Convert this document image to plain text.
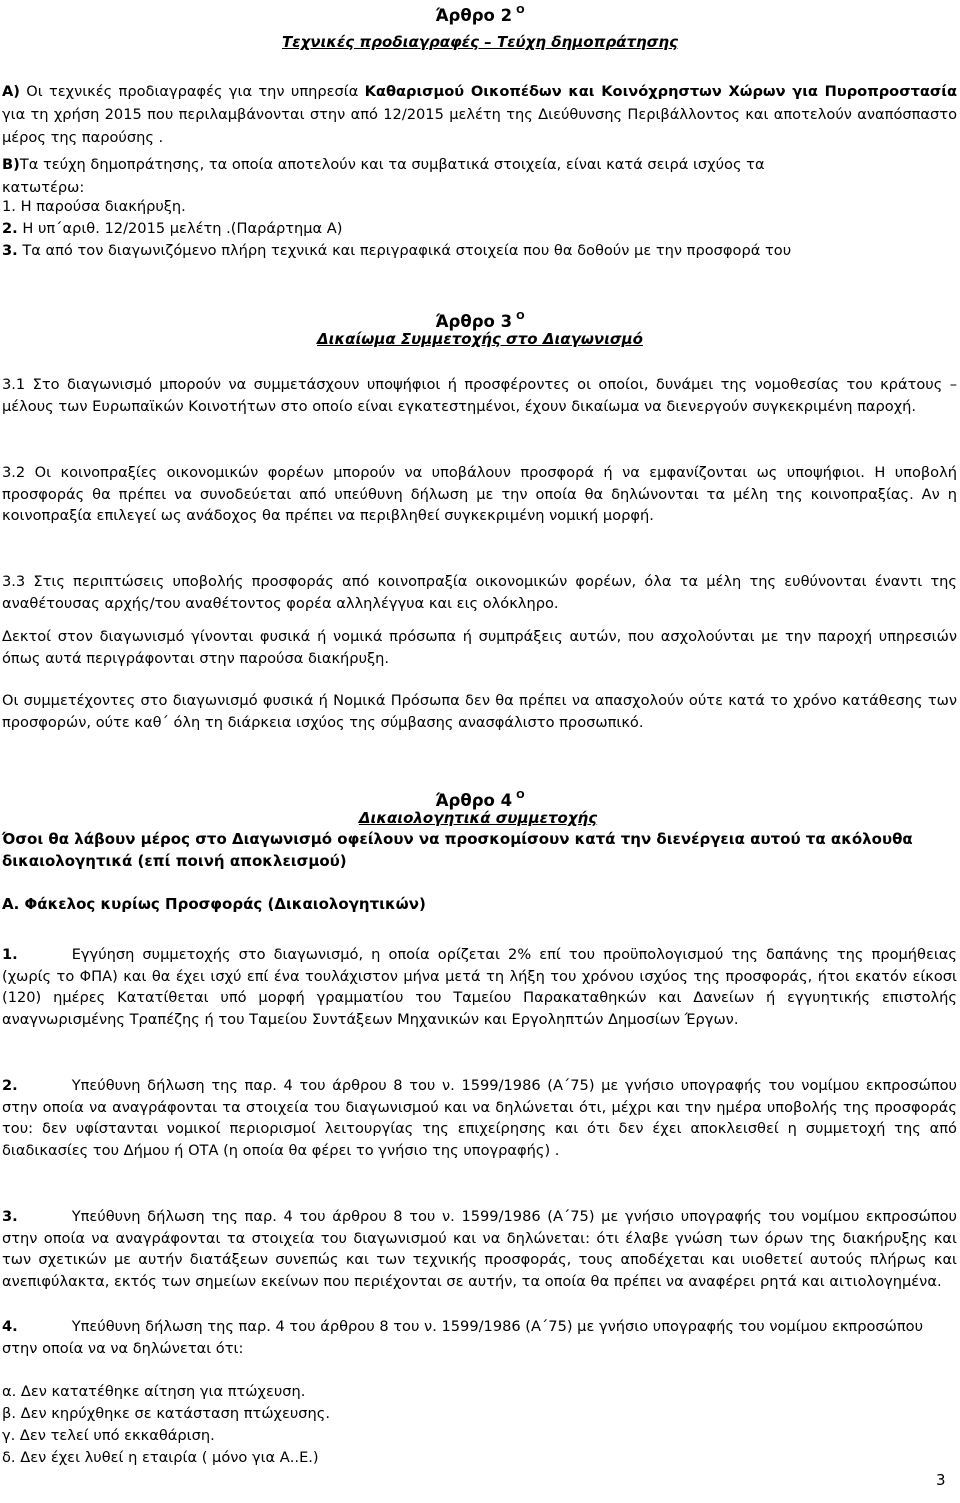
Άρθρο 2 $^O$
Τεχνικές προδιαγραφές – Τεύχη δημοπράτησης

Α) Οι τεχνικές προδιαγραφές για την υπηρεσία Καθαρισμού Οικοπέδων και Κοινόχρηστων Χώρων για Πυροπροστασία για τη χρήση 2015 που περιλαμβάνονται στην από 12/2015 μελέτη της Διεύθυνσης Περιβάλλοντος και αποτελούν αναπόσπαστο μέρος της παρούσης .

Β)Τα τεύχη δημοπράτησης, τα οποία αποτελούν και τα συμβατικά στοιχεία, είναι κατά σειρά ισχύος τα κατωτέρω:

1. Η παρούσα διακήρυξη.
2. Η υπ΄αριθ. 12/2015 μελέτη .(Παράρτημα Α)
3. Τα από τον διαγωνιζόμενο πλήρη τεχνικά και περιγραφικά στοιχεία που θα δοθούν με την προσφορά του
Άρθρο 3 $^O$
Δικαίωμα Συμμετοχής στο Διαγωνισμό

3.1 Στο διαγωνισμό μπορούν να συμμετάσχουν υποψήφιοι ή προσφέροντες οι οποίοι, δυνάμει της νομοθεσίας του κράτους – μέλους των Ευρωπαϊκών Κοινοτήτων στο οποίο είναι εγκατεστημένοι, έχουν δικαίωμα να διενεργούν συγκεκριμένη παροχή.

3.2 Οι κοινοπραξίες οικονομικών φορέων μπορούν να υποβάλουν προσφορά ή να εμφανίζονται ως υποψήφιοι. Η υποβολή προσφοράς θα πρέπει να συνοδεύεται από υπεύθυνη δήλωση με την οποία θα δηλώνονται τα μέλη της κοινοπραξίας. Αν η κοινοπραξία επιλεγεί ως ανάδοχος θα πρέπει να περιβληθεί συγκεκριμένη νομική μορφή.

3.3 Στις περιπτώσεις υποβολής προσφοράς από κοινοπραξία οικονομικών φορέων, όλα τα μέλη της ευθύνονται έναντι της αναθέτουσας αρχής/του αναθέτοντος φορέα αλληλέγγυα και εις ολόκληρο.

Δεκτοί στον διαγωνισμό γίνονται φυσικά ή νομικά πρόσωπα ή συμπράξεις αυτών, που ασχολούνται με την παροχή υπηρεσιών όπως αυτά περιγράφονται στην παρούσα διακήρυξη.

Οι συμμετέχοντες στο διαγωνισμό φυσικά ή Νομικά Πρόσωπα δεν θα πρέπει να απασχολούν ούτε κατά το χρόνο κατάθεσης των προσφορών, ούτε καθ΄ όλη τη διάρκεια ισχύος της σύμβασης ανασφάλιστο προσωπικό.

Άρθρο 4 $^O$
Δικαιολογητικά συμμετοχής

Όσοι θα λάβουν μέρος στο Διαγωνισμό οφείλουν να προσκομίσουν κατά την διενέργεια αυτού τα ακόλουθα δικαιολογητικά (επί ποινή αποκλεισμού)

Α. Φάκελος κυρίως Προσφοράς (Δικαιολογητικών)

1.	Εγγύηση συμμετοχής στο διαγωνισμό, η οποία ορίζεται 2% επί του προϋπολογισμού της δαπάνης της προμήθειας (χωρίς το ΦΠΑ) και θα έχει ισχύ επί ένα τουλάχιστον μήνα μετά τη λήξη του χρόνου ισχύος της προσφοράς, ήτοι εκατόν είκοσι (120) ημέρες Κατατίθεται υπό μορφή γραμματίου του Ταμείου Παρακαταθηκών και Δανείων ή εγγυητικής επιστολής αναγνωρισμένης Τραπέζης ή του Ταμείου Συντάξεων Μηχανικών και Εργοληπτών Δημοσίων Έργων.

2.	Υπεύθυνη δήλωση της παρ. 4 του άρθρου 8 του ν. 1599/1986 (Α΄75) με γνήσιο υπογραφής του νομίμου εκπροσώπου στην οποία να αναγράφονται τα στοιχεία του διαγωνισμού και να δηλώνεται ότι, μέχρι και την ημέρα υποβολής της προσφοράς του: δεν υφίστανται νομικοί περιορισμοί λειτουργίας της επιχείρησης και ότι δεν έχει αποκλεισθεί η συμμετοχή της από διαδικασίες του Δήμου ή ΟΤΑ (η οποία θα φέρει το γνήσιο της υπογραφής) .

3.	Υπεύθυνη δήλωση της παρ. 4 του άρθρου 8 του ν. 1599/1986 (Α΄75) με γνήσιο υπογραφής του νομίμου εκπροσώπου στην οποία να αναγράφονται τα στοιχεία του διαγωνισμού και να δηλώνεται: ότι έλαβε γνώση των όρων της διακήρυξης και των σχετικών με αυτήν διατάξεων συνεπώς και των τεχνικής προσφοράς, τους αποδέχεται και υιοθετεί αυτούς πλήρως και ανεπιφύλακτα, εκτός των σημείων εκείνων που περιέχονται σε αυτήν, τα οποία θα πρέπει να αναφέρει ρητά και αιτιολογημένα.

4.	Υπεύθυνη δήλωση της παρ. 4 του άρθρου 8 του ν. 1599/1986 (Α΄75) με γνήσιο υπογραφής του νομίμου εκπροσώπου στην οποία να να δηλώνεται ότι:

α. Δεν κατατέθηκε αίτηση για πτώχευση.
β. Δεν κηρύχθηκε σε κατάσταση πτώχευσης.
γ. Δεν τελεί υπό εκκαθάριση.
δ. Δεν έχει λυθεί η εταιρία ( μόνο για Α..Ε.)
3
